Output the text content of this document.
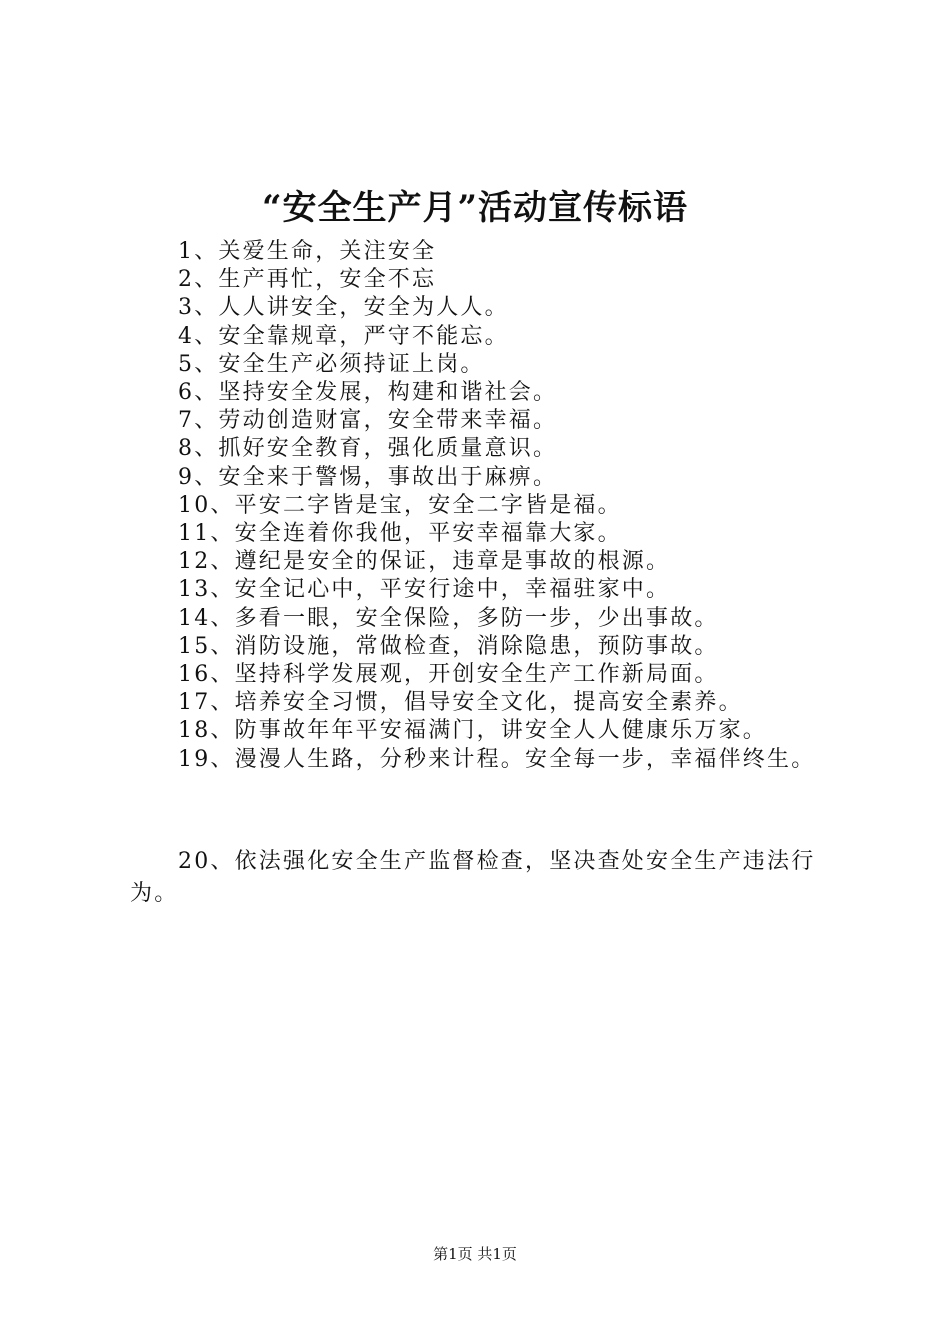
“安全生产月”活动宣传标语
1、关爱生命，关注安全
2、生产再忙，安全不忘
3、人人讲安全，安全为人人。
4、安全靠规章，严守不能忘。
5、安全生产必须持证上岗。
6、坚持安全发展，构建和谐社会。
7、劳动创造财富，安全带来幸福。
8、抓好安全教育，强化质量意识。
9、安全来于警惕，事故出于麻痹。
10、平安二字皆是宝，安全二字皆是福。
11、安全连着你我他，平安幸福靠大家。
12、遵纪是安全的保证，违章是事故的根源。
13、安全记心中，平安行途中，幸福驻家中。
14、多看一眼，安全保险，多防一步，少出事故。
15、消防设施，常做检查，消除隐患，预防事故。
16、坚持科学发展观，开创安全生产工作新局面。
17、培养安全习惯，倡导安全文化，提高安全素养。
18、防事故年年平安福满门，讲安全人人健康乐万家。
19、漫漫人生路，分秒来计程。安全每一步，幸福伴终生。

20、依法强化安全生产监督检查，坚决查处安全生产违法行为。

第1页 共1页
